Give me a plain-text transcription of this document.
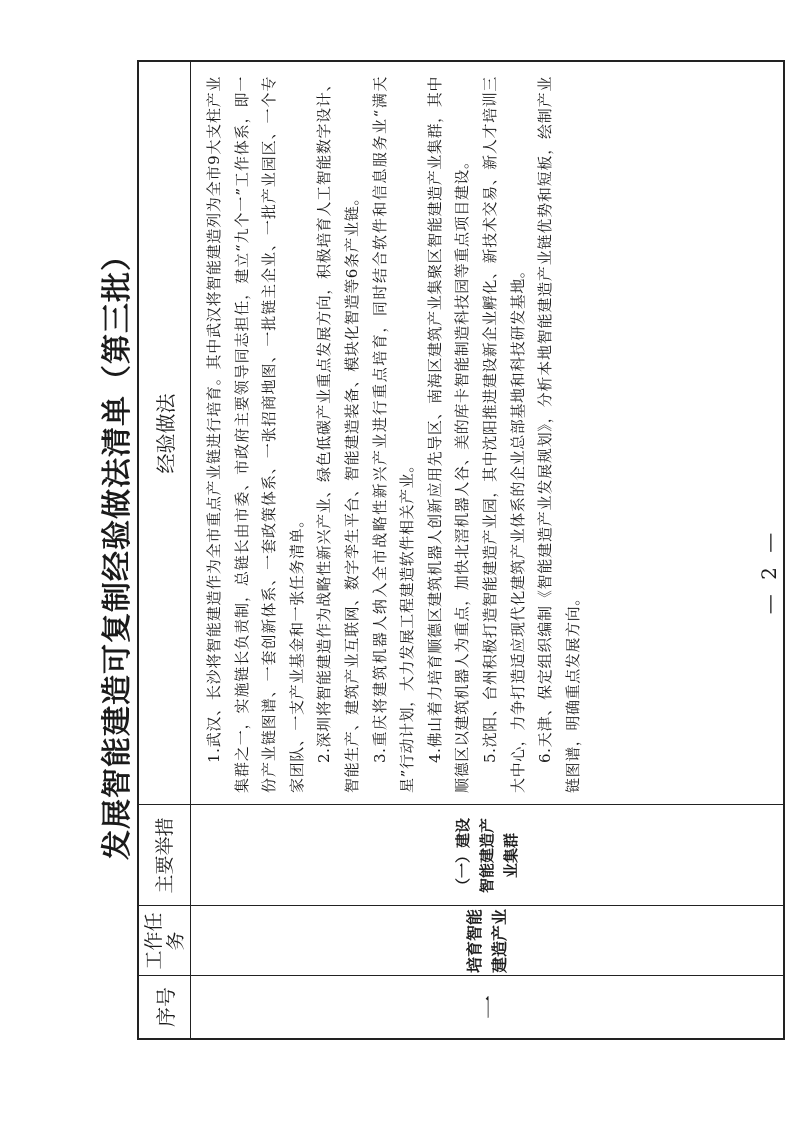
发展智能建造可复制经验做法清单（第三批）
序号
工作任务
主要举措
经验做法
一
培育智能建造产业
（一）建设智能建造产业集群

1.武汉、长沙将智能建造作为全市重点产业链进行培育。其中武汉将智能建造列为全市9大支柱产业集群之一，实施链长负责制，总链长由市委、市政府主要领导同志担任，建立“九个一”工作体系，即一份产业链图谱、一套创新体系、一套政策体系、一张招商地图、一批链主企业、一批产业园区、一个专家团队、一支产业基金和一张任务清单。 2.深圳将智能建造作为战略性新兴产业、绿色低碳产业重点发展方向，积极培育人工智能数字设计、智能生产、建筑产业互联网、数字孪生平台、智能建造装备、模块化智造等6条产业链。 3.重庆将建筑机器人纳入全市战略性新兴产业进行重点培育，同时结合软件和信息服务业“满天星”行动计划，大力发展工程建造软件相关产业。 4.佛山着力培育顺德区建筑机器人创新应用先导区、南海区建筑产业集聚区智能建造产业集群，其中顺德区以建筑机器人为重点，加快北滘机器人谷、美的库卡智能制造科技园等重点项目建设。 5.沈阳、台州积极打造智能建造产业园，其中沈阳推进建设新企业孵化、新技术交易、新人才培训三大中心，力争打造适应现代化建筑产业体系的企业总部基地和科技研发基地。 6.天津、保定组织编制《智能建造产业发展规划》，分析本地智能建造产业链优势和短板，绘制产业链图谱，明确重点发展方向。

— 2 —
